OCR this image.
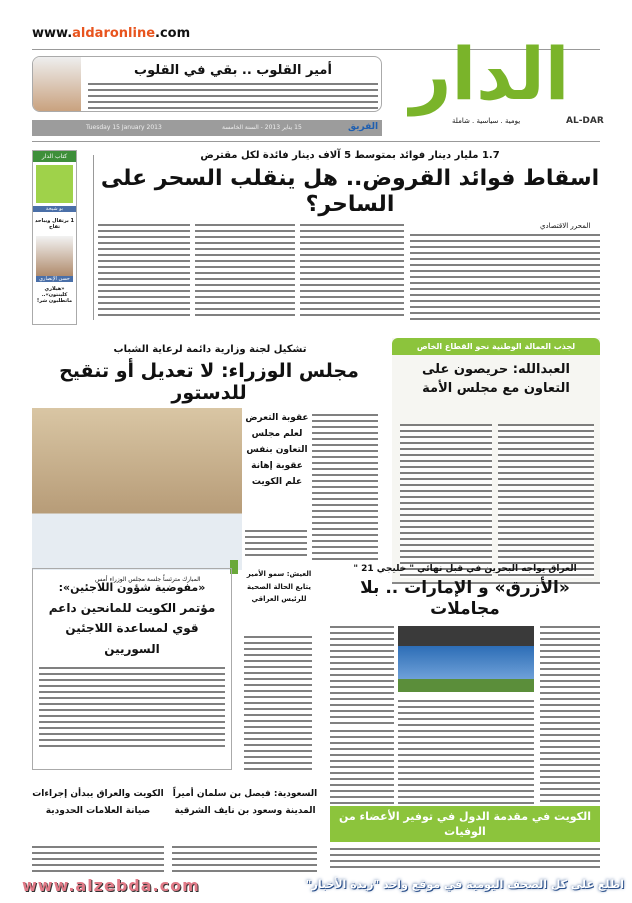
www.aldaronline.com
أمير القلوب .. بقي في القلوب	الدار
AL-DAR
يومية . سياسية . شاملة
Tuesday 15 January 2013	15 يناير 2013 - السنة الخامسة	الفريق
1.7 مليار دينار فوائد بمتوسط 5 آلاف دينار فائدة لكل مقترض
اسقاط فوائد القروض.. هل ينقلب السحر على الساحر؟
المحرر الاقتصادي
كتاب الدار
بو شيخة
1 برتقال ويباحد تفاح
حسن الإنصاري
«هيلاري كلينتون».. ماتطلبون شر!
لجذب العمالة الوطنية نحو القطاع الخاص
العبدالله: حريصون على التعاون مع مجلس الأمة
تشكيل لجنة وزارية دائمة لرعاية الشباب
مجلس الوزراء: لا تعديل أو تنقيح للدستور
المبارك مترئساً جلسة مجلس الوزراء أمس
عقوبة التعرض لعلم مجلس التعاون بنفس عقوبة إهانة علم الكويت
العراق يواجه البحرين في قبل نهائي " خليجي 21 "
«الأزرق» و الإمارات .. بلا مجاملات
«مفوضية شؤون اللاجئين»:
مؤتمر الكويت للمانحين داعم قوي لمساعدة اللاجئين السوريين
العيش: سمو الأمير يتابع الحالة الصحية للرئيس العراقي
السعودية: فيصل بن سلمان أميراً المدينة وسعود بن نايف الشرقية
الكويت والعراق يبدأن إجراءات صيانة العلامات الحدودية	الكويت في مقدمة الدول في توفير الأعضاء من الوفيات
www.alzebda.com	اطلع على كل الصحف اليومية في موقع واحد "زبدة الأخبار"
